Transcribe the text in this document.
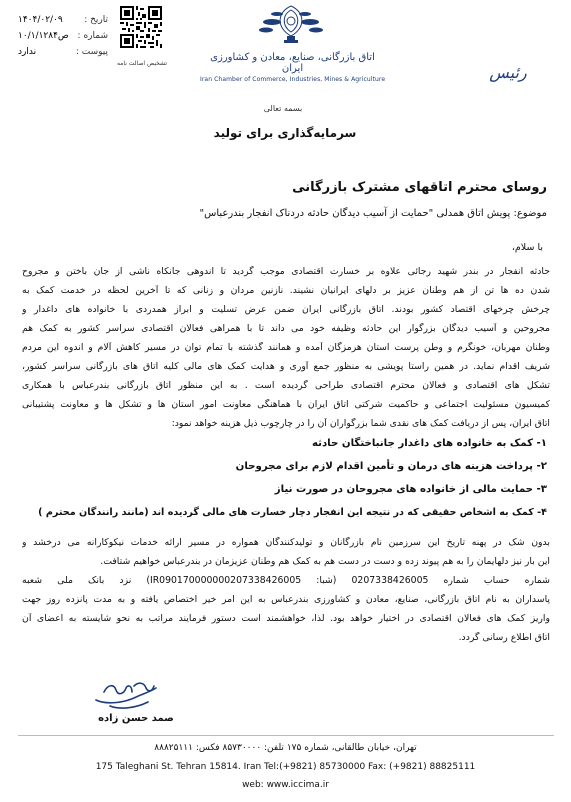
تاریخ :
۱۴۰۴/۰۲/۰۹
شماره :
۱۰/۱/۱۲۸۴ص
پیوست :
ندارد
تشخیص اصالت نامه
اتاق بازرگانی، صنایع، معادن و کشاورزی ایران
Iran Chamber of Commerce, Industries, Mines & Agriculture	رئیس
بسمه تعالی
سرمایه‌گذاری برای تولید
روسای محترم اتاقهای مشترک بازرگانی
موضوع: پویش اتاق همدلی "حمایت از آسیب دیدگان حادثه دردناک انفجار بندرعباس"
با سلام،
حادثه انفجار در بندر شهید رجائی علاوه بر خسارت اقتصادی موجب گردید تا اندوهی جانکاه ناشی از جان باختن و مجروح
شدن ده ها تن از هم وطنان عزیز بر دلهای ایرانیان نشیند. نازنین مردان و زنانی که تا آخرین لحظه در خدمت کمک به
چرخش چرخهای اقتصاد کشور بودند. اتاق بازرگانی ایران ضمن عرض تسلیت و ابراز همدردی با خانواده های داغدار و
مجروحین و آسیب دیدگان بزرگوار این حادثه وظیفه خود می داند تا با همراهی فعالان اقتصادی سراسر کشور به کمک هم
وطنان مهربان، خونگرم و وطن پرست استان هرمزگان آمده و همانند گذشته با تمام توان در مسیر کاهش آلام و اندوه این مردم
شریف اقدام نماید. در همین راستا پویشی به منظور جمع آوری و هدایت کمک های مالی کلیه اتاق های بازرگانی سراسر کشور،
تشکل های اقتصادی و فعالان محترم اقتصادی طراحی گردیده است . به این منظور اتاق بازرگانی بندرعباس با همکاری
کمیسیون مسئولیت اجتماعی و حاکمیت شرکتی اتاق ایران با هماهنگی معاونت امور استان ها و تشکل ها و معاونت پشتیبانی
اتاق ایران، پس از دریافت کمک های نقدی شما بزرگواران آن را در چارچوب ذیل هزینه خواهد نمود:
۱- کمک به خانواده های داغدار جانباختگان حادثه
۲- پرداخت هزینه های درمان و تأمین اقدام لازم برای مجروحان
۳- حمایت مالی از خانواده های مجروحان در صورت نیاز
۴- کمک به اشخاص حقیقی که در نتیجه این انفجار دچار خسارت های مالی گردیده اند (مانند رانندگان محترم )
بدون شک در پهنه تاریخ این سرزمین نام بازرگانان و تولیدکنندگان همواره در مسیر ارائه خدمات نیکوکارانه می درخشد و
این بار نیز دلهایمان را به هم پیوند زده و دست در دست هم به کمک هم وطنان عزیزمان در بندرعباس خواهیم شتافت.
شماره حساب شماره 0207338426005 (شبا: IR090170000000207338426005) نزد بانک ملی شعبه
پاسداران به نام اتاق بازرگانی، صنایع، معادن و کشاورزی بندرعباس به این امر خیر اختصاص یافته و به مدت پانزده روز جهت
واریز کمک های فعالان اقتصادی در اختیار خواهد بود. لذا، خواهشمند است دستور فرمایند مراتب به نحو شایسته به اعضای آن
اتاق اطلاع رسانی گردد.
صمد حسن زاده
تهران، خیابان طالقانی، شماره ۱۷۵ تلفن: ۸۵۷۳۰۰۰۰ فکس: ۸۸۸۲۵۱۱۱
175 Taleghani St. Tehran 15814. Iran Tel:(+9821) 85730000 Fax: (+9821) 88825111
web: www.iccima.ir
